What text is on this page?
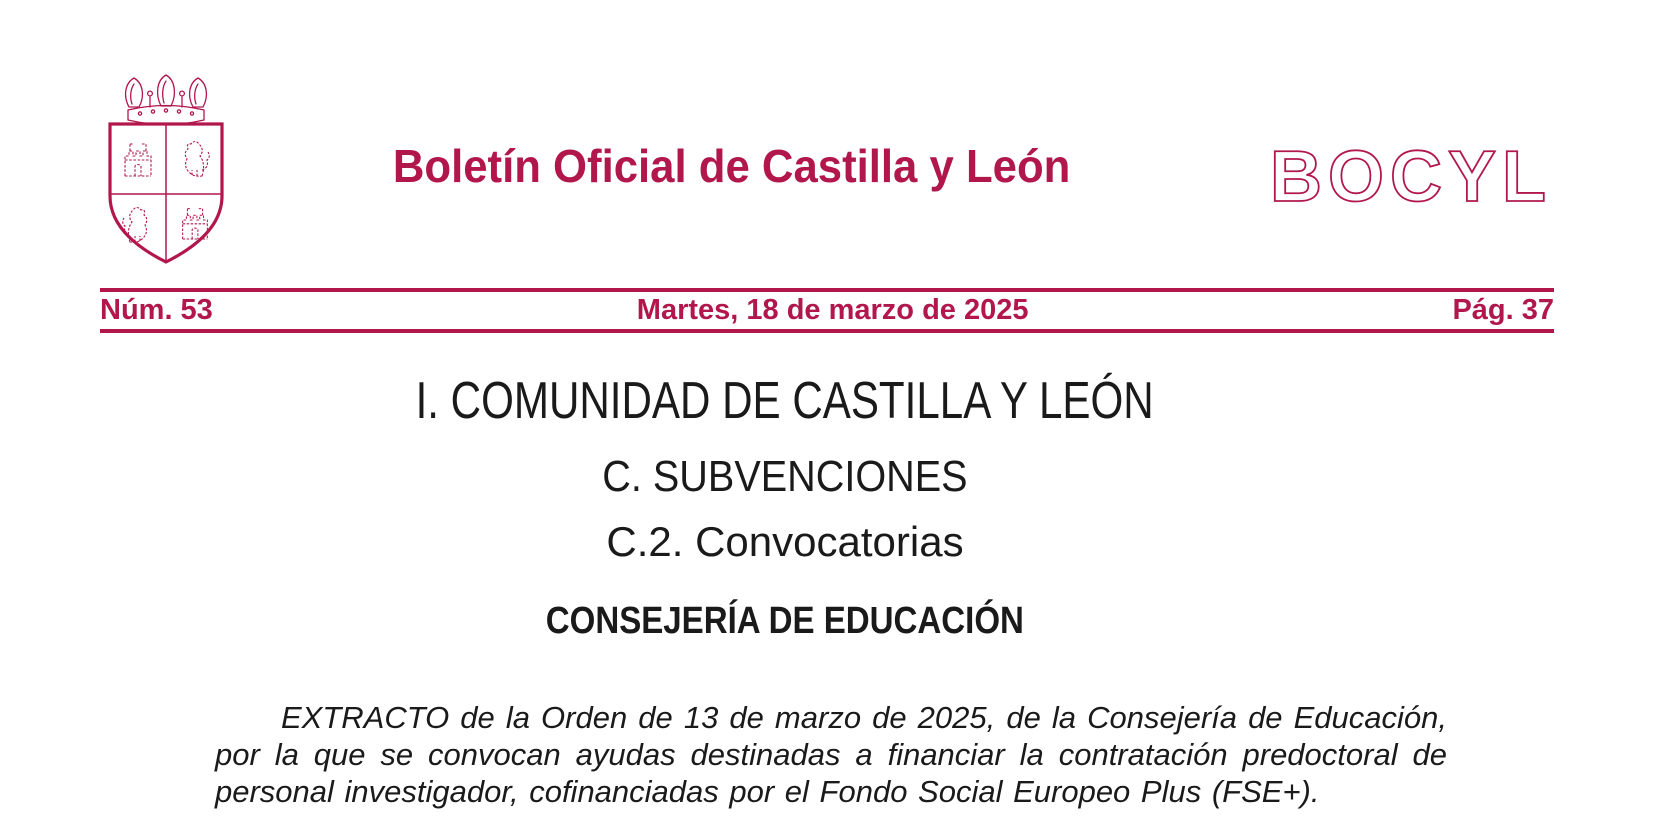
Boletín Oficial de Castilla y León	BOCYL
Núm. 53	Martes, 18 de marzo de 2025	Pág. 37
I. COMUNIDAD DE CASTILLA Y LEÓN
C. SUBVENCIONES
C.2. Convocatorias
CONSEJERÍA DE EDUCACIÓN

EXTRACTO de la Orden de 13 de marzo de 2025, de la Consejería de Educación, por la que se convocan ayudas destinadas a financiar la contratación predoctoral de personal investigador, cofinanciadas por el Fondo Social Europeo Plus (FSE+).
